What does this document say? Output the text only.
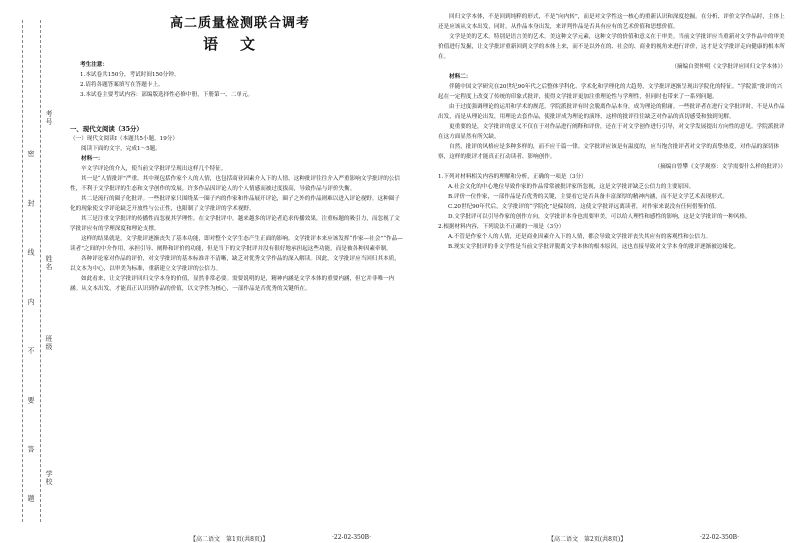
考号
姓名
班级
学校
密 封 线 内 不 要 答 题
高二质量检测联合调考
语文

考生注意：

1.本试卷共150分，考试时间150分钟。

2.请将各题答案填写在答题卡上。

3.本试卷主要考试内容：部编版选择性必修中册，下册第一、二单元。

一、现代文阅读（35分）

（一）现代文阅读Ⅰ（本题共5小题，19分）

阅读下面的文字，完成1～5题。

材料一：

卒文学评论的介入，使当前文学批评呈现出这样几个特征。

其一是“人情批评”严重。其中现包括作家个人的人情，也包括商业因素介入下的人情。这种批评往往介入严重影响文学批评的公信性，不利于文学批评的生态和文学创作的发展。许多作品因评论人的个人情感而被过度拔高，导致作品与评价失衡。

其二是流行的圈子化批评。一些批评家只围绕某一圈子内的作家和作品展开评论，圈子之外的作品则难以进入评论视野。这种圈子化的现象使文学评论缺乏开放性与公正性，也限制了文学批评的学术视野。

其三是注重文学批评的传播性而忽视其学理性。在文学批评中，越来越多的评论者追求传播效果，注重标题的吸引力，而忽视了文学批评应有的学理深度和理论支撑。

这样的结果就是，文学批评逐渐丧失了基本功能，即对整个文学生态产生正面的影响。文学批评本来应该发挥“作家—社会”“作品—读者”之间的中介作用，承担引导、阐释和评价的功能，但是当下的文学批评并没有很好地承担起这些功能，而是被各种因素牵制。

各种评论家对作品的评价，对文学批评的基本标准并不清晰，缺乏对优秀文学作品的深入解读。因此，文学批评应当回归其本质，以文本为中心，以审美为标准，重新建立文学批评的公信力。

如此看来，让文学批评回归文学本身的价值，显然非常必要。需要说明的是，精神内涵是文学本体的重要内涵，但它并非唯一内涵。从文本出发，才能真正认识到作品的价值，以文学性为核心，一部作品是否优秀的关键所在。

【高二语文　第1页(共8页)】	·22-02-350B·

回归文学本体，不是回到纯粹的形式，不是“向内转”，而是对文学性这一核心的重新认识和深度挖掘。在分析、评价文学作品时，主体上还是应该从文本出发，同时，从作品本身出发，来评判作品是否具有应有的艺术价值和思想价值。

文学是美的艺术，特别是语言美的艺术。美这种文学元素，这种文学的价值和意义在于审美。当前文学批评应当重新对文学作品中的审美价值进行发掘，让文学批评重新回到文学的本体上来，而不是以外在的、社会的、商业的视角来进行评价，这才是文学批评走向健康的根本所在。

（摘编自贺仲明《文学批评应回归文学本体》）

材料二：

伴随中国文学研究在20世纪90年代之后整体学科化、学术化和学理化的大趋势，文学批评逐渐呈现出学院化的特征。“学院派”批评的兴起在一定程度上改变了传统的印象式批评，使得文学批评更加注重理论性与学理性，但同时也带来了一系列问题。

由于过度强调理论的运用和学术的规范，学院派批评有时会脱离作品本身，成为理论的附庸。一些批评者在进行文学批评时，不是从作品出发，而是从理论出发，用理论去套作品，使批评成为理论的演绎，这样的批评往往缺乏对作品的真切感受和独到见解。

更重要的是，文学批评的意义不仅在于对作品进行阐释和评价，还在于对文学创作进行引导，对文学发展提出方向性的意见。学院派批评在这方面显然有所欠缺。

自然，批评的风格应是多种多样的，而不应千篇一律。文学批评应该是有温度的，应当饱含批评者对文学的真挚热爱，对作品的深切体察，这样的批评才能真正打动读者、影响创作。

（摘编自曾攀《文学观察：文学需要什么样的批评》）

1.下列对材料相关内容的理解和分析，正确的一项是（3分）

A.社会文化的中心地位导致作家的作品常常被批评家所忽视，这是文学批评缺乏公信力的主要原因。

B.评价一位作家，一部作品是否优秀的关键，主要看它是否具备丰富深厚的精神内涵，而不是文学艺术表现形式。

C.20世纪90年代后，文学批评的“学院化”是偏误的，这使文学批评远离读者，对作家来说没有任何借鉴价值。

D.文学批评可以引导作家的创作方向，文学批评本身也需要审美，可以给人理性和感性的影响，这是文学批评的一种风格。

2.根据材料内容，下列说法不正确的一项是（3分）

A.不管是作家个人的人情，还是商业因素介入下的人情，都会导致文学批评丧失其应有的客观性和公信力。

B.现实文学批评的非文学性是当前文学批评脱离文学本体的根本原因，这也直接导致对文学本身的批评逐渐被边缘化。

【高二语文　第2页(共8页)】	·22-02-350B·
